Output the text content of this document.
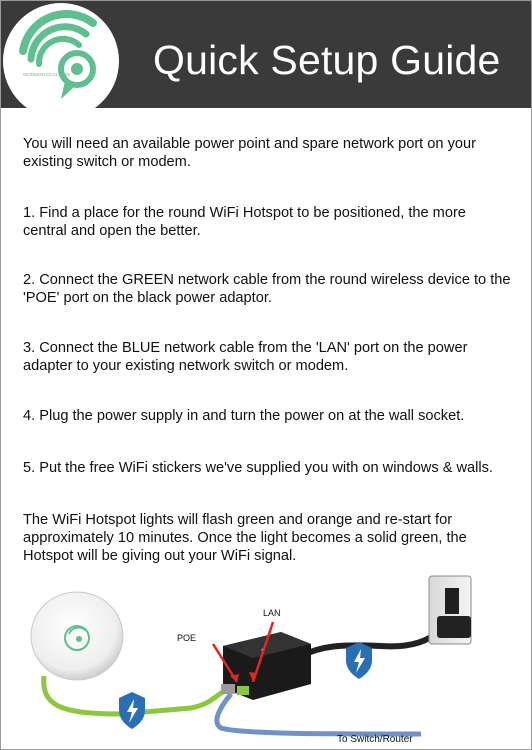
Quick Setup Guide
WONDERLOCAL.COM
You will need an available power point and spare network port on your existing switch or modem.
1. Find a place for the round WiFi Hotspot to be positioned, the more central and open the better.
2. Connect the GREEN network cable from the round wireless device to the 'POE' port on the black power adaptor.
3. Connect the BLUE network cable from the 'LAN' port on the power adapter to your existing network switch or modem.
4. Plug the power supply in and turn the power on at the wall socket.
5. Put the free WiFi stickers we've supplied you with on windows & walls.
The WiFi Hotspot lights will flash green and orange and re-start for approximately 10 minutes. Once the light becomes a solid green, the Hotspot will be giving out your WiFi signal.
POE
LAN
To Switch/Router
